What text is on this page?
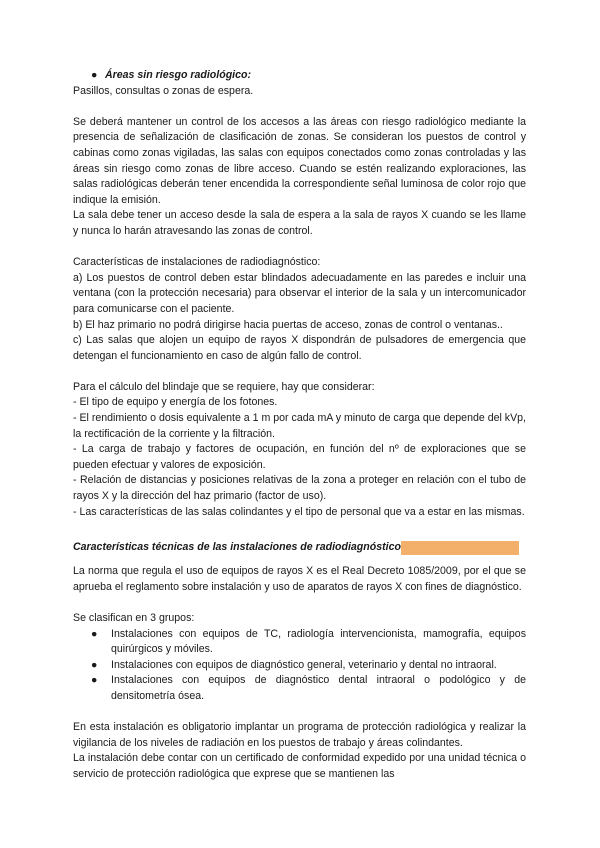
● Áreas sin riesgo radiológico:

Pasillos, consultas o zonas de espera.

Se deberá mantener un control de los accesos a las áreas con riesgo radiológico mediante la presencia de señalización de clasificación de zonas. Se consideran los puestos de control y cabinas como zonas vigiladas, las salas con equipos conectados como zonas controladas y las áreas sin riesgo como zonas de libre acceso. Cuando se estén realizando exploraciones, las salas radiológicas deberán tener encendida la correspondiente señal luminosa de color rojo que indique la emisión.

La sala debe tener un acceso desde la sala de espera a la sala de rayos X cuando se les llame y nunca lo harán atravesando las zonas de control.

Características de instalaciones de radiodiagnóstico:

a) Los puestos de control deben estar blindados adecuadamente en las paredes e incluir una ventana (con la protección necesaria) para observar el interior de la sala y un intercomunicador para comunicarse con el paciente.

b) El haz primario no podrá dirigirse hacia puertas de acceso, zonas de control o ventanas..

c) Las salas que alojen un equipo de rayos X dispondrán de pulsadores de emergencia que detengan el funcionamiento en caso de algún fallo de control.

Para el cálculo del blindaje que se requiere, hay que considerar:

- El tipo de equipo y energía de los fotones.

- El rendimiento o dosis equivalente a 1 m por cada mA y minuto de carga que depende del kVp, la rectificación de la corriente y la filtración.

- La carga de trabajo y factores de ocupación, en función del nº de exploraciones que se pueden efectuar y valores de exposición.

- Relación de distancias y posiciones relativas de la zona a proteger en relación con el tubo de rayos X y la dirección del haz primario (factor de uso).

- Las características de las salas colindantes y el tipo de personal que va a estar en las mismas.

Características técnicas de las instalaciones de radiodiagnóstico

La norma que regula el uso de equipos de rayos X es el Real Decreto 1085/2009, por el que se aprueba el reglamento sobre instalación y uso de aparatos de rayos X con fines de diagnóstico.

Se clasifican en 3 grupos:

● Instalaciones con equipos de TC, radiología intervencionista, mamografía, equipos quirúrgicos y móviles.
● Instalaciones con equipos de diagnóstico general, veterinario y dental no intraoral.
● Instalaciones con equipos de diagnóstico dental intraoral o podológico y de densitometría ósea.

En esta instalación es obligatorio implantar un programa de protección radiológica y realizar la vigilancia de los niveles de radiación en los puestos de trabajo y áreas colindantes.

La instalación debe contar con un certificado de conformidad expedido por una unidad técnica o servicio de protección radiológica que exprese que se mantienen las
